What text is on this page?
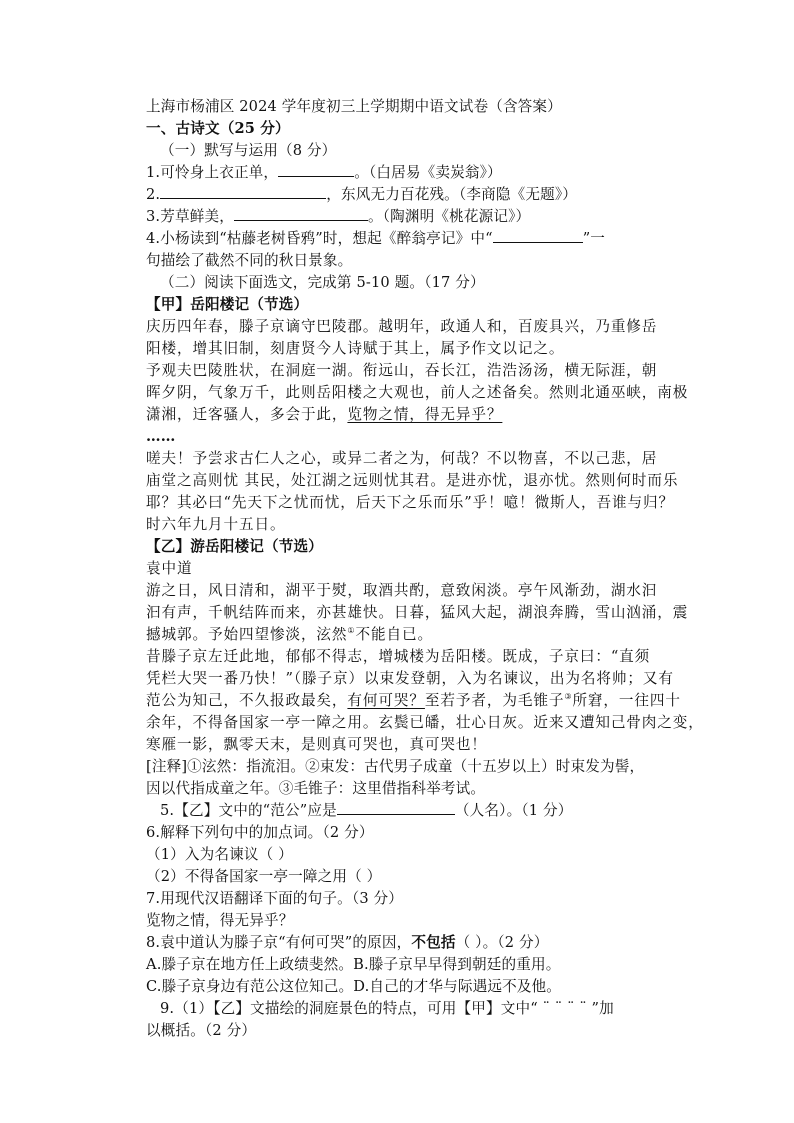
上海市杨浦区 2024 学年度初三上学期期中语文试卷（含答案）
一、古诗文（25 分）
（一）默写与运用（8 分）
1.可怜身上衣正单，	。（白居易《卖炭翁》）
2.	，东风无力百花残。（李商隐《无题》）
3.芳草鲜美，	。（陶渊明《桃花源记》）
4.小杨读到“枯藤老树昏鸦”时，想起《醉翁亭记》中“	”一
句描绘了截然不同的秋日景象。
（二）阅读下面选文，完成第 5-10 题。（17 分）
【甲】岳阳楼记（节选）
庆历四年春，滕子京谪守巴陵郡。越明年，政通人和，百废具兴，乃重修岳
阳楼，增其旧制，刻唐贤今人诗赋于其上，属予作文以记之。
予观夫巴陵胜状，在洞庭一湖。衔远山，吞长江，浩浩汤汤，横无际涯，朝
晖夕阴，气象万千，此则岳阳楼之大观也，前人之述备矣。然则北通巫峡，南极
潇湘，迁客骚人，多会于此，览物之情，得无异乎？
……
嗟夫！予尝求古仁人之心，或异二者之为，何哉？不以物喜，不以己悲，居
庙堂之高则忧 其民，处江湖之远则忧其君。是进亦忧，退亦忧。然则何时而乐
耶？其必曰“先天下之忧而忧，后天下之乐而乐”乎！噫！微斯人，吾谁与归？
时六年九月十五日。
【乙】游岳阳楼记（节选）
袁中道
游之日，风日清和，湖平于熨，取酒共酌，意致闲淡。亭午风渐劲，湖水汩
汩有声，千帆结阵而来，亦甚雄快。日暮，猛风大起，湖浪奔腾，雪山汹涌，震
撼城郭。予始四望惨淡，泫然①不能自已。
昔滕子京左迁此地，郁郁不得志，增城楼为岳阳楼。既成，子京曰：“直须
凭栏大哭一番乃快！”（滕子京）以束发登朝，入为名谏议，出为名将帅；又有
范公为知己，不久报政最矣，有何可哭？至若予者，为毛锥子③所窘，一往四十
余年，不得备国家一亭一障之用。玄鬓已皤，壮心日灰。近来又遭知己骨肉之变，
寒雁一影，飘零天末，是则真可哭也，真可哭也！
[注释]①泫然：指流泪。②束发：古代男子成童（十五岁以上）时束发为髻，
因以代指成童之年。③毛锥子：这里借指科举考试。
5.【乙】文中的“范公”应是	（人名）。（1 分）
6.解释下列句中的加点词。（2 分）
（1）入为名谏议（ ）
（2）不得备国家一亭一障之用（ ）
7.用现代汉语翻译下面的句子。（3 分）
览物之情，得无异乎？
8.袁中道认为滕子京“有何可哭”的原因，不包括（ ）。（2 分）
A.滕子京在地方任上政绩斐然。B.滕子京早早得到朝廷的重用。
C.滕子京身边有范公这位知己。D.自己的才华与际遇远不及他。
9.（1）【乙】文描绘的洞庭景色的特点，可用【甲】文中“ ¨ ¨ ¨ ¨ ”加
以概括。（2 分）
